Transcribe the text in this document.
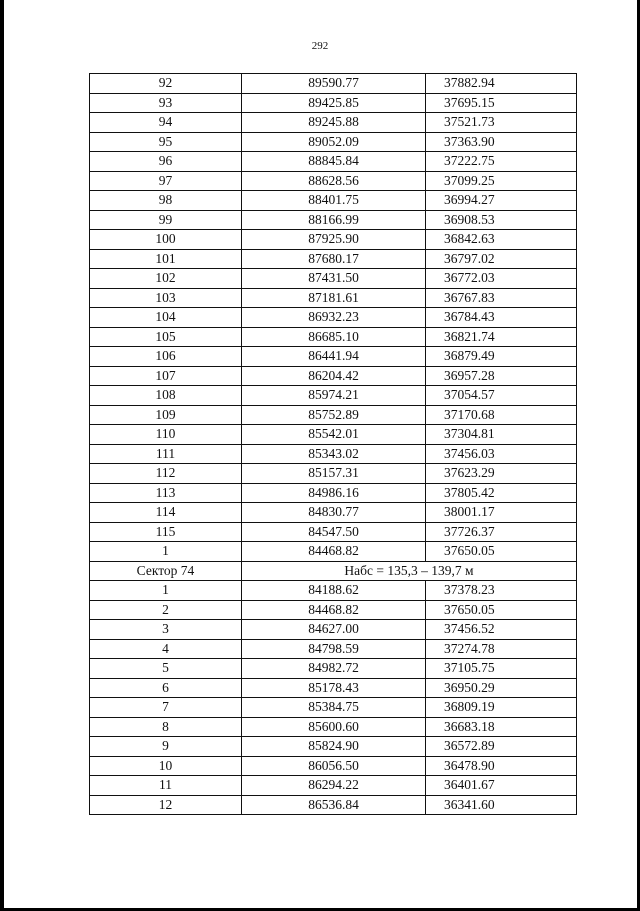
292
92	89590.77	37882.94
93	89425.85	37695.15
94	89245.88	37521.73
95	89052.09	37363.90
96	88845.84	37222.75
97	88628.56	37099.25
98	88401.75	36994.27
99	88166.99	36908.53
100	87925.90	36842.63
101	87680.17	36797.02
102	87431.50	36772.03
103	87181.61	36767.83
104	86932.23	36784.43
105	86685.10	36821.74
106	86441.94	36879.49
107	86204.42	36957.28
108	85974.21	37054.57
109	85752.89	37170.68
110	85542.01	37304.81
111	85343.02	37456.03
112	85157.31	37623.29
113	84986.16	37805.42
114	84830.77	38001.17
115	84547.50	37726.37
1	84468.82	37650.05
Сектор 74	Набс = 135,3 – 139,7 м	
1	84188.62	37378.23
2	84468.82	37650.05
3	84627.00	37456.52
4	84798.59	37274.78
5	84982.72	37105.75
6	85178.43	36950.29
7	85384.75	36809.19
8	85600.60	36683.18
9	85824.90	36572.89
10	86056.50	36478.90
11	86294.22	36401.67
12	86536.84	36341.60
